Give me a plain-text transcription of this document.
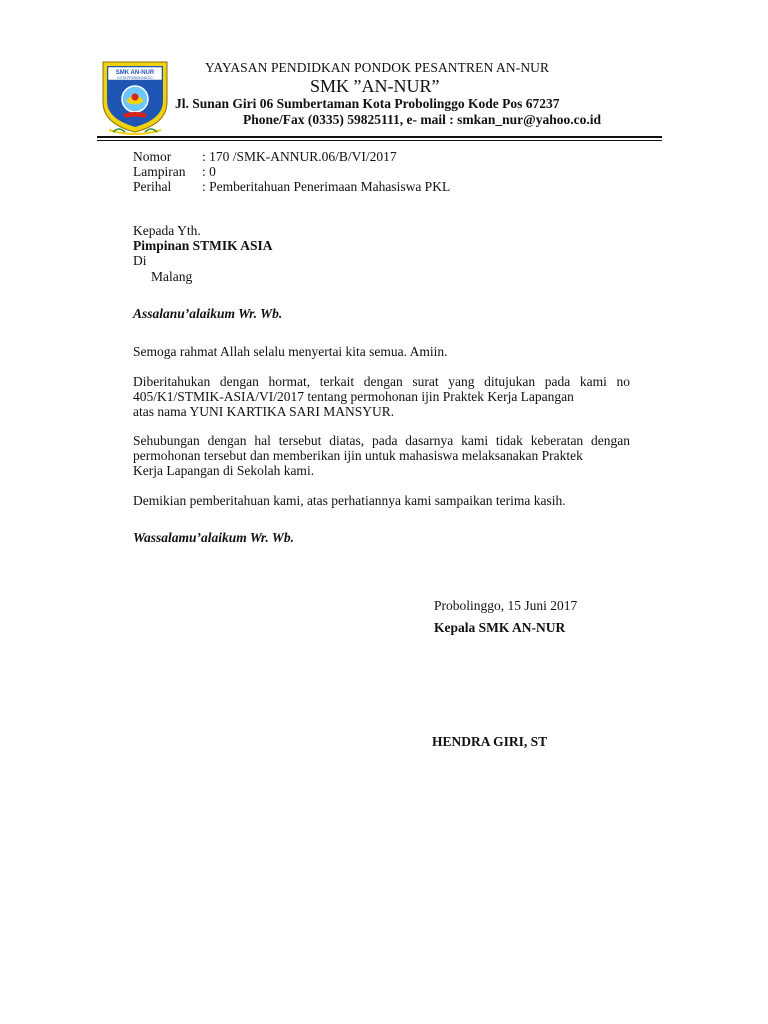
SMK AN-NUR
KOTA PROBOLINGGO
YAYASAN PENDIDKAN PONDOK PESANTREN AN-NUR
SMK ”AN-NUR”
Jl. Sunan Giri 06 Sumbertaman Kota Probolinggo Kode Pos 67237
Phone/Fax (0335) 59825111, e- mail : smkan_nur@yahoo.co.id
Nomor : 170 /SMK-ANNUR.06/B/VI/2017
Lampiran : 0
Perihal : Pemberitahuan Penerimaan Mahasiswa PKL
Kepada Yth.
Pimpinan STMIK ASIA
Di
Malang
Assalanu’alaikum Wr. Wb.
Semoga rahmat Allah selalu menyertai kita semua. Amiin.
Diberitahukan dengan hormat, terkait dengan surat yang ditujukan pada kami no 405/K1/STMIK-ASIA/VI/2017 tentang permohonan ijin Praktek Kerja Lapangan
atas nama YUNI KARTIKA SARI MANSYUR.
Sehubungan dengan hal tersebut diatas, pada dasarnya kami tidak keberatan dengan permohonan tersebut dan memberikan ijin untuk mahasiswa melaksanakan Praktek
Kerja Lapangan di Sekolah kami.
Demikian pemberitahuan kami, atas perhatiannya kami sampaikan terima kasih.
Wassalamu’alaikum Wr. Wb.
Probolinggo, 15 Juni 2017
Kepala SMK AN-NUR
HENDRA GIRI, ST
